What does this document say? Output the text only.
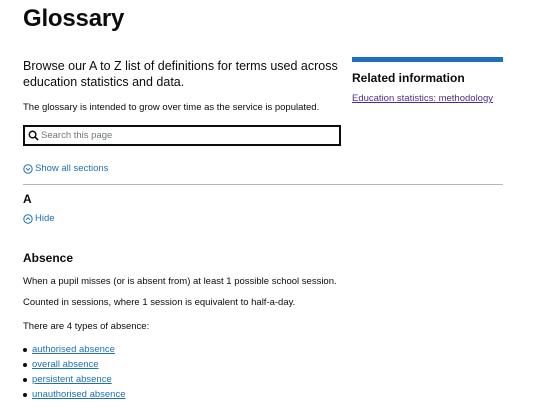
Glossary

Browse our A to Z list of definitions for terms used across education statistics and data.

The glossary is intended to grow over time as the service is populated.

Search this page
Show all sections
A
Hide
Absence

When a pupil misses (or is absent from) at least 1 possible school session.

Counted in sessions, where 1 session is equivalent to half-a-day.

There are 4 types of absence:

authorised absence
overall absence
persistent absence
unauthorised absence
Related information
Education statistics: methodology
